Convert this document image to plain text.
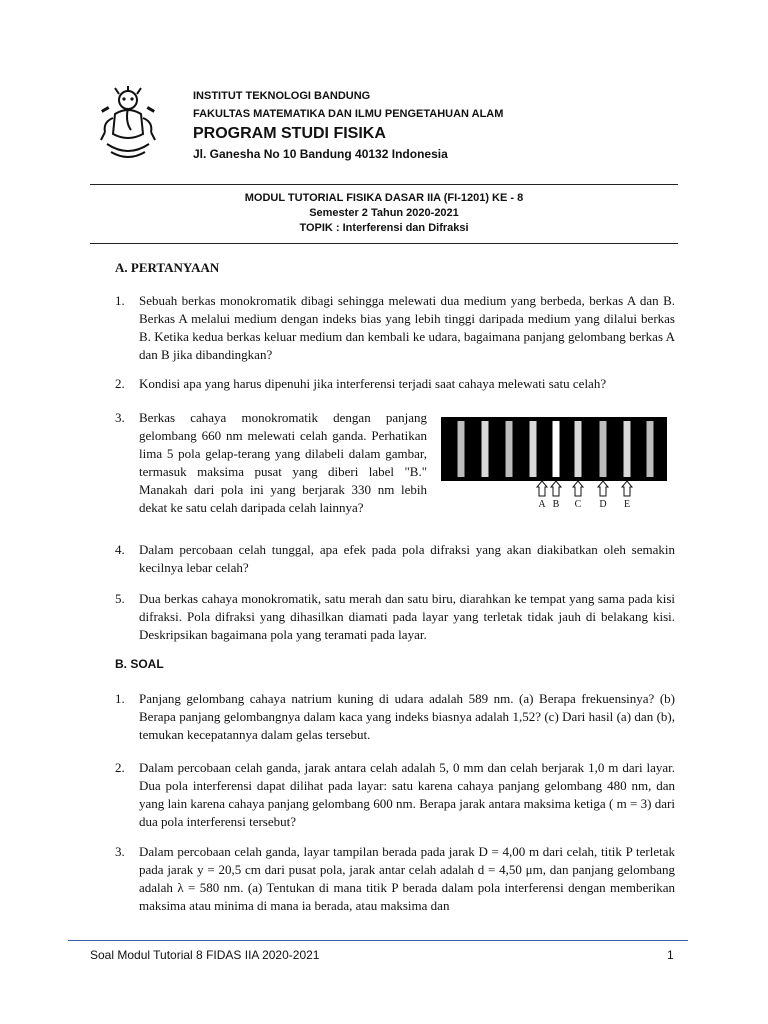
INSTITUT TEKNOLOGI BANDUNG
FAKULTAS MATEMATIKA DAN ILMU PENGETAHUAN ALAM
PROGRAM STUDI FISIKA
Jl. Ganesha No 10 Bandung 40132 Indonesia
MODUL TUTORIAL FISIKA DASAR IIA (FI-1201) KE - 8
Semester 2 Tahun 2020-2021
TOPIK : Interferensi dan Difraksi
A. PERTANYAAN
1.	Sebuah berkas monokromatik dibagi sehingga melewati dua medium yang berbeda, berkas A dan B. Berkas A melalui medium dengan indeks bias yang lebih tinggi daripada medium yang dilalui berkas B. Ketika kedua berkas keluar medium dan kembali ke udara, bagaimana panjang gelombang berkas A dan B jika dibandingkan?
2.	Kondisi apa yang harus dipenuhi jika interferensi terjadi saat cahaya melewati satu celah?
3.	Berkas cahaya monokromatik dengan panjang gelombang 660 nm melewati celah ganda. Perhatikan lima 5 pola gelap-terang yang dilabeli dalam gambar, termasuk maksima pusat yang diberi label "B." Manakah dari pola ini yang berjarak 330 nm lebih dekat ke satu celah daripada celah lainnya?	A B C D E
4.	Dalam percobaan celah tunggal, apa efek pada pola difraksi yang akan diakibatkan oleh semakin kecilnya lebar celah?
5.	Dua berkas cahaya monokromatik, satu merah dan satu biru, diarahkan ke tempat yang sama pada kisi difraksi. Pola difraksi yang dihasilkan diamati pada layar yang terletak tidak jauh di belakang kisi. Deskripsikan bagaimana pola yang teramati pada layar.
B. SOAL
1.	Panjang gelombang cahaya natrium kuning di udara adalah 589 nm. (a) Berapa frekuensinya? (b) Berapa panjang gelombangnya dalam kaca yang indeks biasnya adalah 1,52? (c) Dari hasil (a) dan (b), temukan kecepatannya dalam gelas tersebut.
2.	Dalam percobaan celah ganda, jarak antara celah adalah 5, 0 mm dan celah berjarak 1,0 m dari layar. Dua pola interferensi dapat dilihat pada layar: satu karena cahaya panjang gelombang 480 nm, dan yang lain karena cahaya panjang gelombang 600 nm. Berapa jarak antara maksima ketiga ( m = 3) dari dua pola interferensi tersebut?
3.	Dalam percobaan celah ganda, layar tampilan berada pada jarak D = 4,00 m dari celah, titik P terletak pada jarak y = 20,5 cm dari pusat pola, jarak antar celah adalah d = 4,50 μm, dan panjang gelombang adalah λ = 580 nm. (a) Tentukan di mana titik P berada dalam pola interferensi dengan memberikan maksima atau minima di mana ia berada, atau maksima dan
Soal Modul Tutorial 8 FIDAS IIA 2020-2021	1
